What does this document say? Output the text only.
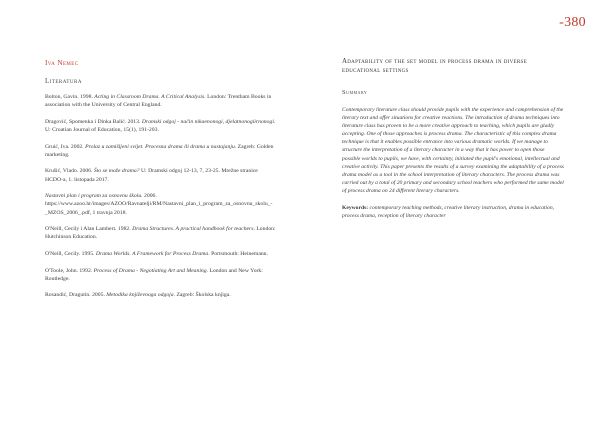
-380
Iva Nemec
Literatura
Bolton, Gavin. 1998. Acting in Classroom Drama. A Critical Analysis. London: Trentham Books in association with the University of Central England.
Dragović, Spomenka i Dinka Balić. 2013. Dramski odgoj - način nikaenonogi, djelatnonogiirnonogi. U: Croatian Journal of Education, 15(1), 191-203.
Gruić, Iva. 2002. Prolaz u zamišljeni svijet. Procesna drama ili drama u nastajanju. Zagreb: Golden marketing.
Krušić, Vlado. 2006. Što se može drama? U: Dramski odgoj 12-13, 7, 23-25. Mrežne stranice HCDO-a, 1. listopada 2017.
Nastavni plan i program za osnovnu školu. 2006. https://www.azoo.hr/images/AZOO/Ravnatelji/RM/Nastavni_plan_i_program_za_osnovnu_skolu_-_MZOS_2006_.pdf, 1 travnja 2018.
O'Neill, Cecily i Alan Lambert. 1982. Drama Structures. A practical handbook for teachers. London: Hutchinson Education.
O'Neill, Cecily. 1995. Drama Worlds. A Framework for Process Drama. Portsmouth: Heinemann.
O'Toole, John. 1992. Process of Drama - Negotiating Art and Meaning. London and New York: Routledge.
Rosandić, Dragutin. 2005. Metodika književnoga odgoja. Zagreb: Školska knjiga.
Adaptability of the set model in process drama in diverse educational settings
Summary
Contemporary literature class should provide pupils with the experience and comprehension of the literary text and offer situations for creative reactions. The introduction of drama techniques into literature class has proven to be a more creative approach to teaching, which pupils are gladly accepting. One of those approaches is process drama. The characteristic of this complex drama technique is that it enables possible entrance into various dramatic worlds. If we manage to structure the interpretation of a literary character in a way that it has power to open those possible worlds to pupils, we have, with certainty, initiated the pupil's emotional, intellectual and creative activity. This paper presents the results of a survey examining the adaptability of a process drama model as a tool in the school interpretation of literary characters. The process drama was carried out by a total of 20 primary and secondary school teachers who performed the same model of process drama on 24 different literary characters.
Keywords: contemporary teaching methods, creative literary instruction, drama in education, process drama, reception of literary character
